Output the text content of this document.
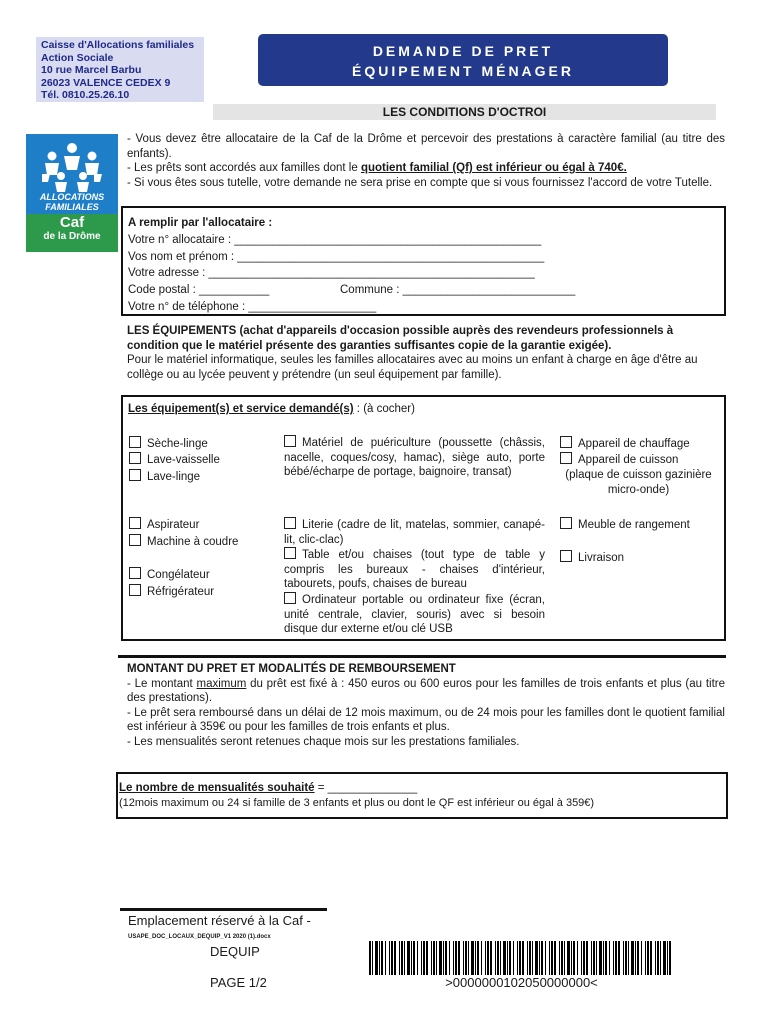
Caisse d'Allocations familiales
Action Sociale
10 rue Marcel Barbu
26023 VALENCE CEDEX 9
Tél. 0810.25.26.10
DEMANDE DE PRET
ÉQUIPEMENT MÉNAGER
LES CONDITIONS D'OCTROI
ALLOCATIONS
FAMILIALES
Caf
de la Drôme
- Vous devez être allocataire de la Caf de la Drôme et percevoir des prestations à caractère familial (au titre des enfants).
- Les prêts sont accordés aux familles dont le quotient familial (Qf) est inférieur ou égal à 740€.
- Si vous êtes sous tutelle, votre demande ne sera prise en compte que si vous fournissez l'accord de votre Tutelle.
A remplir par l'allocataire :
Votre n° allocataire : ________________________________________________
Vos nom et prénom : ________________________________________________
Votre adresse : ___________________________________________________
Code postal : ___________	Commune : ___________________________
Votre n° de téléphone : ____________________
LES ÉQUIPEMENTS (achat d'appareils d'occasion possible auprès des revendeurs professionnels à condition que le matériel présente des garanties suffisantes copie de la garantie exigée).
Pour le matériel informatique, seules les familles allocataires avec au moins un enfant à charge en âge d'être au collège ou au lycée peuvent y prétendre (un seul équipement par famille).
Les équipement(s) et service demandé(s) : (à cocher)
Sèche-linge
Lave-vaisselle
Lave-linge
Aspirateur
Machine à coudre
Congélateur
Réfrigérateur
Matériel de puériculture (poussette (châssis, nacelle, coques/cosy, hamac), siège auto, porte bébé/écharpe de portage, baignoire, transat)
Literie (cadre de lit, matelas, sommier, canapé-lit, clic-clac)
Table et/ou chaises (tout type de table y compris les bureaux - chaises d'intérieur, tabourets, poufs, chaises de bureau
Ordinateur portable ou ordinateur fixe (écran, unité centrale, clavier, souris) avec si besoin disque dur externe et/ou clé USB
Appareil de chauffage
Appareil de cuisson
(plaque de cuisson gazinière micro-onde)
Meuble de rangement
Livraison
MONTANT DU PRET ET MODALITÉS DE REMBOURSEMENT
- Le montant maximum du prêt est fixé à : 450 euros ou 600 euros pour les familles de trois enfants et plus (au titre des prestations).
- Le prêt sera remboursé dans un délai de 12 mois maximum, ou de 24 mois pour les familles dont le quotient familial est inférieur à 359€ ou pour les familles de trois enfants et plus.
- Les mensualités seront retenues chaque mois sur les prestations familiales.
Le nombre de mensualités souhaité = ______________
(12mois maximum ou 24 si famille de 3 enfants et plus ou dont le QF est inférieur ou égal à 359€)
Emplacement réservé à la Caf -
USAPE_DOC_LOCAUX_DEQUIP_V1 2020 (1).docx
DEQUIP
PAGE 1/2	>0000000102050000000<
